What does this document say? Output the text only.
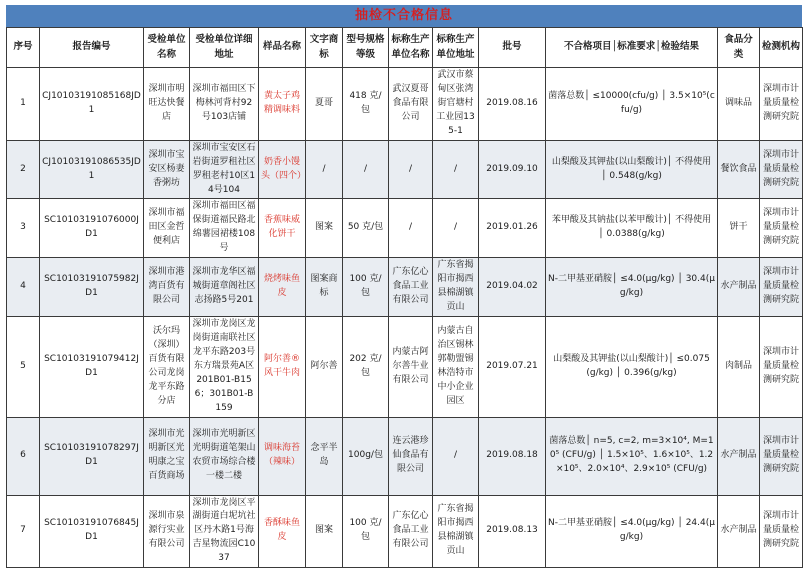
抽检不合格信息
序号	报告编号	受检单位名称	受检单位详细地址	样品名称	文字商标	型号规格等级	标称生产单位名称	标称生产单位地址	批号	不合格项目│标准要求│检验结果	食品分类	检测机构
1	CJ10103191085168JD1	深圳市明旺达快餐店	深圳市福田区下梅林河背村92号103店铺	黄太子鸡精调味料	夏哥	418 克/包	武汉夏哥食品有限公司	武汉市蔡甸区张湾街官塘村工业园135-1	2019.08.16	菌落总数│ ≤10000(cfu/g) │ 3.5×10⁵(cfu/g)	调味品	深圳市计量质量检测研究院
2	CJ10103191086535JD1	深圳市宝安区杨妻香粥坊	深圳市宝安区石岩街道罗租社区罗租老村10区14号104	奶香小馒头（四个）	/	/	/	/	2019.09.10	山梨酸及其钾盐(以山梨酸计)│ 不得使用 │ 0.548(g/kg)	餐饮食品	深圳市计量质量检测研究院
3	SC10103191076000JD1	深圳市福田区金哲便利店	深圳市福田区福保街道福民路北绵薯园裙楼108号	香蕉味威化饼干	图案	50 克/包	/	/	2019.01.26	苯甲酸及其钠盐(以苯甲酸计)│ 不得使用 │ 0.0388(g/kg)	饼干	深圳市计量质量检测研究院
4	SC10103191075982JD1	深圳市港湾百货有限公司	深圳市龙华区福城街道章阁社区志扬路5号201	烧烤味鱼皮	图案商标	100 克/包	广东亿心食品工业有限公司	广东省揭阳市揭西县棉湖镇贡山	2019.04.02	N-二甲基亚硝胺│ ≤4.0(μg/kg) │ 30.4(μg/kg)	水产制品	深圳市计量质量检测研究院
5	SC10103191079412JD1	沃尔玛（深圳）百货有限公司龙岗龙平东路分店	深圳市龙岗区龙岗街道南联社区龙平东路203号东方瑞景苑A区201B01-B156；301B01-B159	阿尔善®风干牛肉	阿尔善	202 克/包	内蒙古阿尔善牛业有限公司	内蒙古自治区锡林郭勒盟锡林浩特市中小企业园区	2019.07.21	山梨酸及其钾盐(以山梨酸计)│ ≤0.075(g/kg) │ 0.396(g/kg)	肉制品	深圳市计量质量检测研究院
6	SC10103191078297JD1	深圳市光明新区光明康之宝百货商场	深圳市光明新区光明街道笔架山农贸市场综合楼一楼二楼	调味海苔（辣味）	念平半岛	100g/包	连云港珍仙食品有限公司	/	2019.08.18	菌落总数│ n=5, c=2, m=3×10⁴, M=10⁵ (CFU/g) │ 1.5×10⁵、1.6×10⁵、1.2×10⁵、2.0×10⁴、2.9×10⁵ (CFU/g)	水产制品	深圳市计量质量检测研究院
7	SC10103191076845JD1	深圳市泉源行实业有限公司	深圳市龙岗区平湖街道白坭坑社区丹木路1号海吉星物流园C1037	香酥味鱼皮	图案	100 克/包	广东亿心食品工业有限公司	广东省揭阳市揭西县棉湖镇贡山	2019.08.13	N-二甲基亚硝胺│ ≤4.0(μg/kg) │ 24.4(μg/kg)	水产制品	深圳市计量质量检测研究院
